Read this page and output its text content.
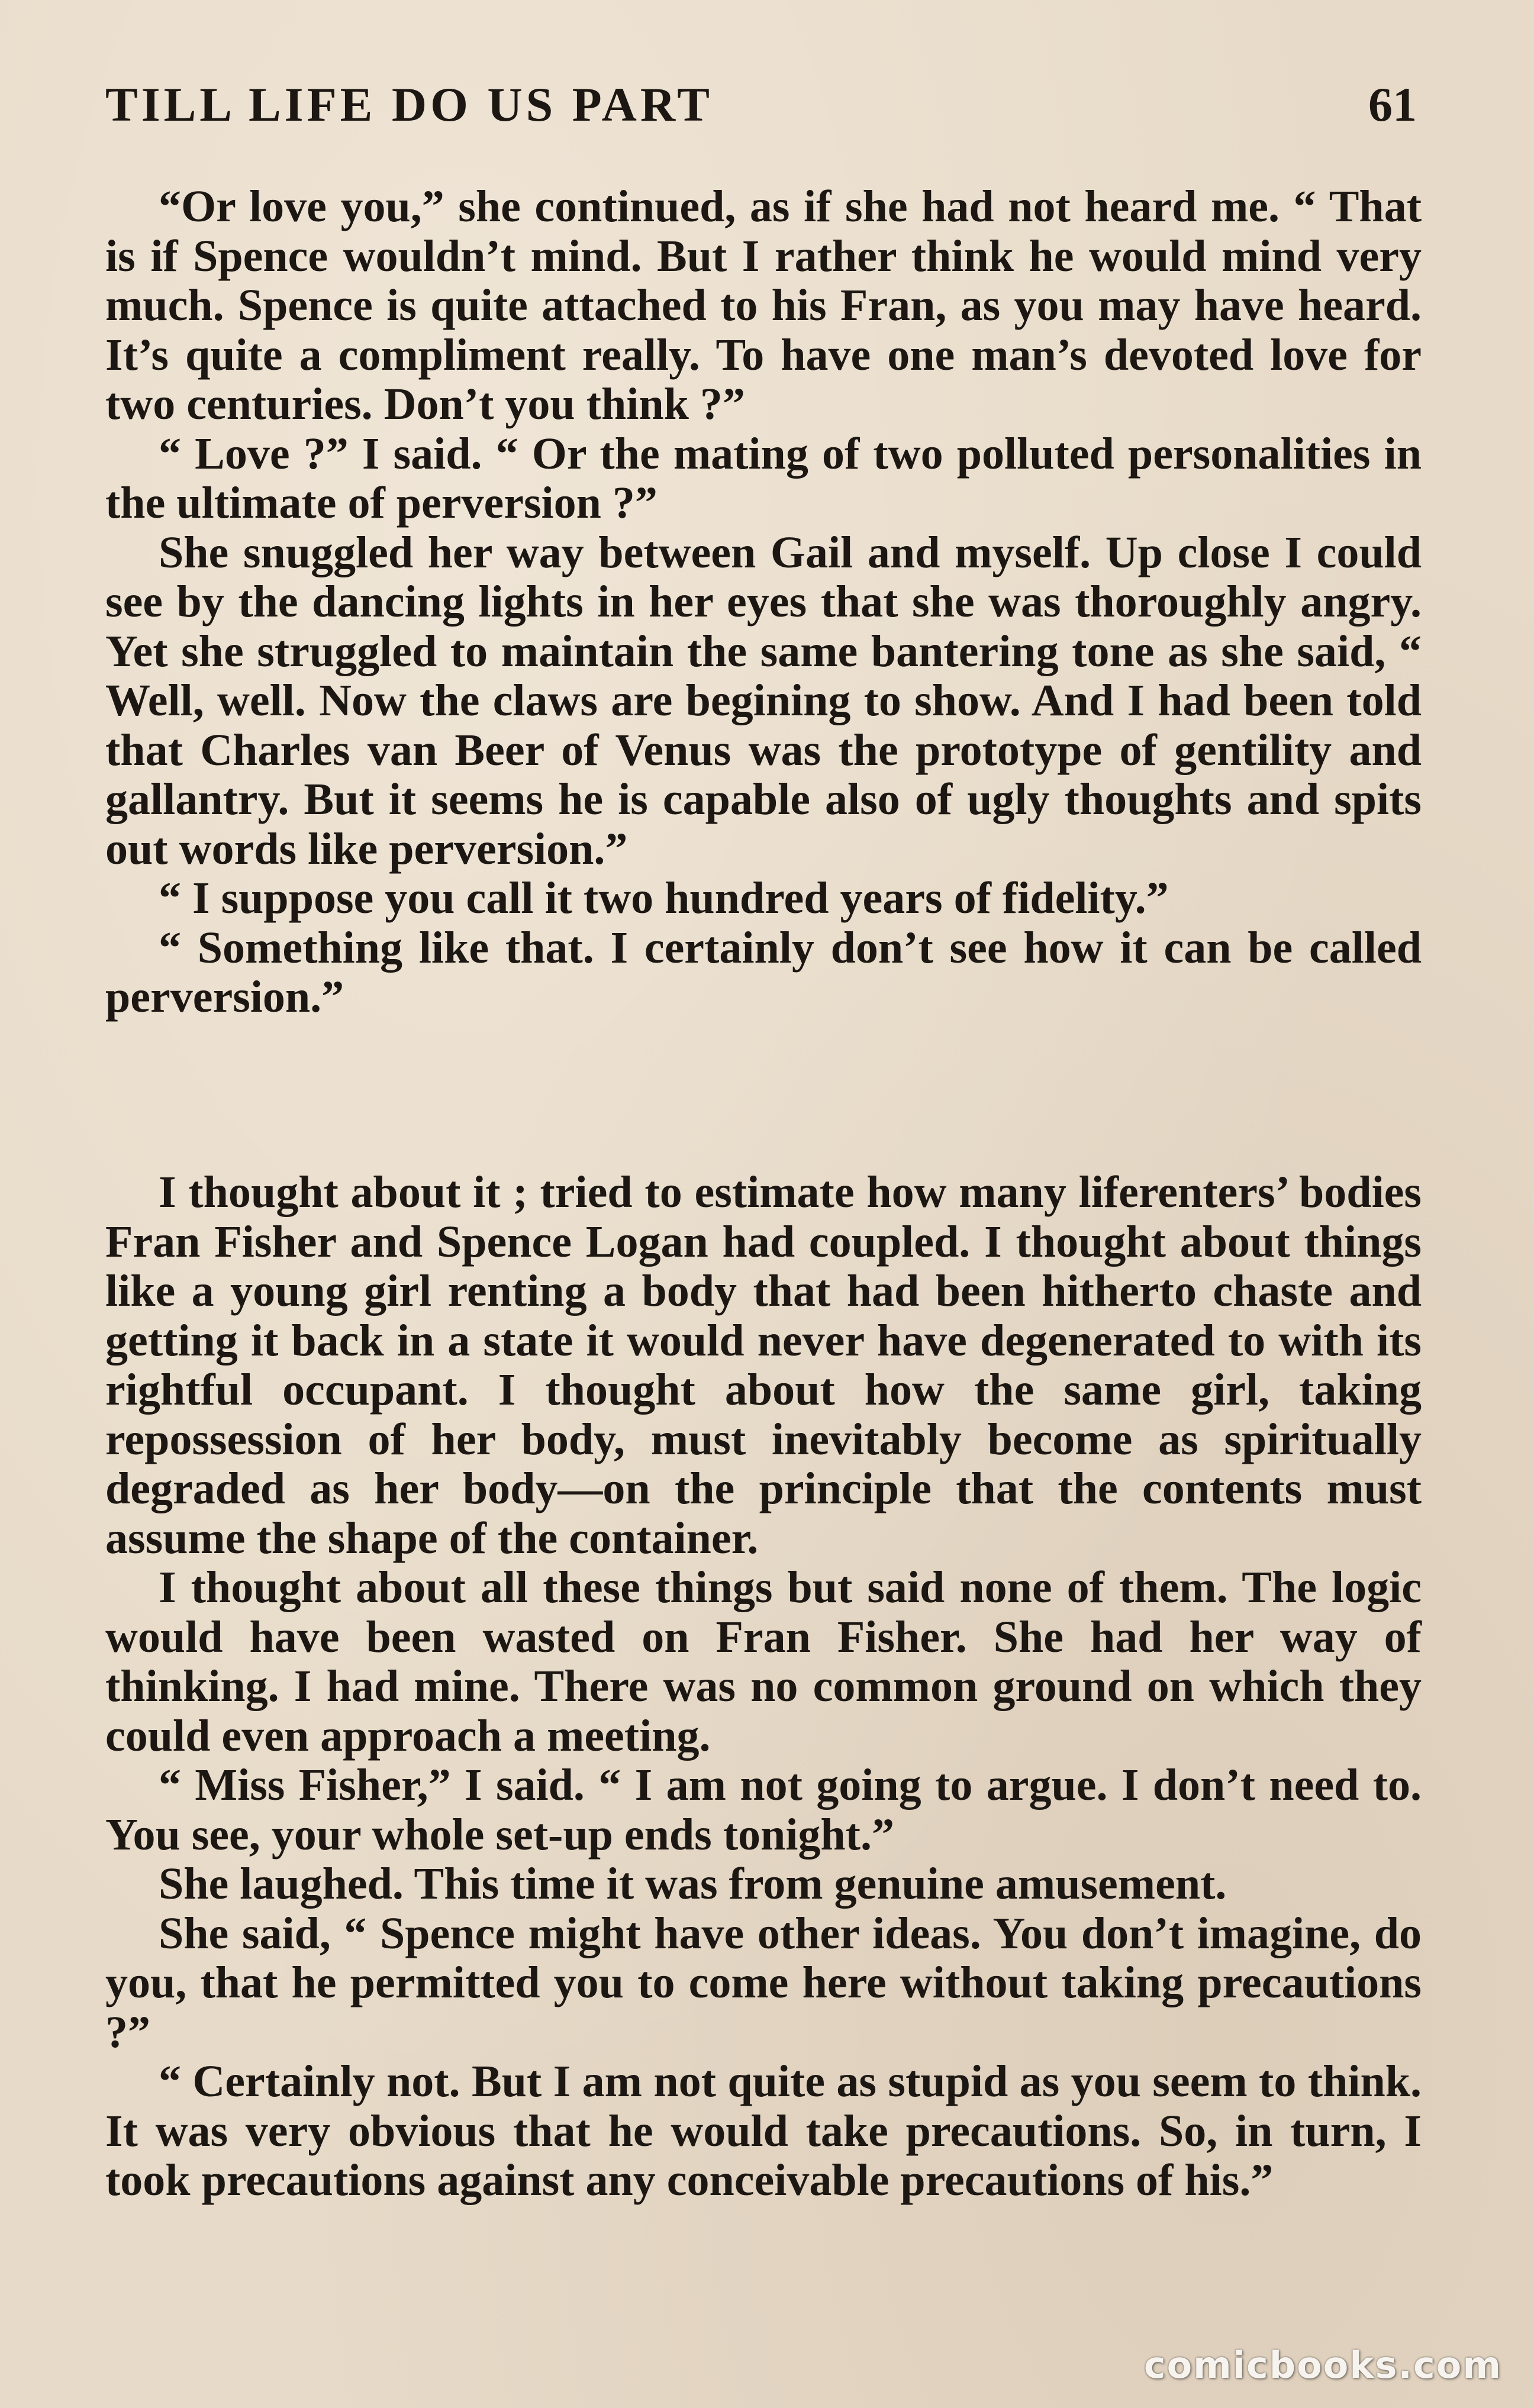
TILL LIFE DO US PART	61

“Or love you,” she continued, as if she had not heard me. “ That is if Spence wouldn’t mind. But I rather think he would mind very much. Spence is quite attached to his Fran, as you may have heard. It’s quite a compliment really. To have one man’s devoted love for two centuries. Don’t you think ?”

“ Love ?” I said. “ Or the mating of two polluted personalities in the ultimate of perversion ?”

She snuggled her way between Gail and myself. Up close I could see by the dancing lights in her eyes that she was thoroughly angry. Yet she struggled to maintain the same bantering tone as she said, “ Well, well. Now the claws are begining to show. And I had been told that Charles van Beer of Venus was the prototype of gentility and gallantry. But it seems he is capable also of ugly thoughts and spits out words like perversion.”

“ I suppose you call it two hundred years of fidelity.”

“ Something like that. I certainly don’t see how it can be called perversion.”

I thought about it ; tried to estimate how many liferenters’ bodies Fran Fisher and Spence Logan had coupled. I thought about things like a young girl renting a body that had been hitherto chaste and getting it back in a state it would never have degenerated to with its rightful occupant. I thought about how the same girl, taking repossession of her body, must inevitably become as spiritually degraded as her body—on the principle that the contents must assume the shape of the container.

I thought about all these things but said none of them. The logic would have been wasted on Fran Fisher. She had her way of thinking. I had mine. There was no common ground on which they could even approach a meeting.

“ Miss Fisher,” I said. “ I am not going to argue. I don’t need to. You see, your whole set-up ends tonight.”

She laughed. This time it was from genuine amusement.

She said, “ Spence might have other ideas. You don’t imagine, do you, that he permitted you to come here without taking precautions ?”

“ Certainly not. But I am not quite as stupid as you seem to think. It was very obvious that he would take precautions. So, in turn, I took precautions against any conceivable precautions of his.”

comicbooks.com
